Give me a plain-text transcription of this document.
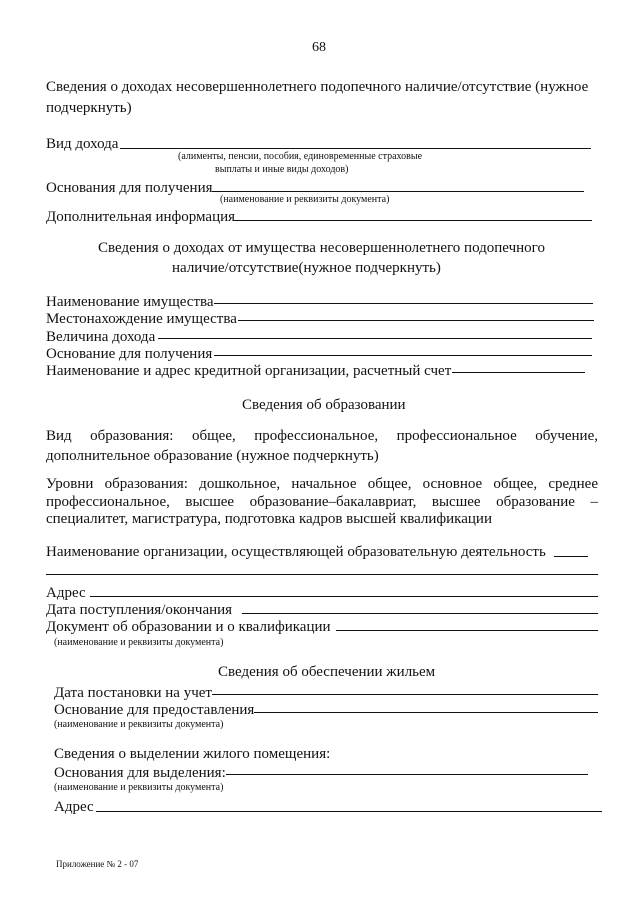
68
Сведения о доходах несовершеннолетнего подопечного наличие/отсутствие (нужное
подчеркнуть)
Вид дохода
(алименты, пенсии, пособия, единовременные страховые
выплаты и иные виды доходов)
Основания для получения
(наименование и реквизиты документа)
Дополнительная информация
Сведения о доходах от имущества несовершеннолетнего подопечного
наличие/отсутствие(нужное подчеркнуть)
Наименование имущества
Местонахождение имущества
Величина дохода
Основание для получения
Наименование и адрес кредитной организации, расчетный счет
Сведения об образовании
Вид образования: общее, профессиональное, профессиональное обучение,
дополнительное образование (нужное подчеркнуть)
Уровни образования: дошкольное, начальное общее, основное общее, среднее
профессиональное, высшее образование–бакалавриат, высшее образование –
специалитет, магистратура, подготовка кадров высшей квалификации
Наименование организации, осуществляющей образовательную деятельность
Адрес
Дата поступления/окончания
Документ об образовании и о квалификации
(наименование и реквизиты документа)
Сведения об обеспечении жильем
Дата постановки на учет
Основание для предоставления
(наименование и реквизиты документа)
Сведения о выделении жилого помещения:
Основания для выделения:
(наименование и реквизиты документа)
Адрес
Приложение № 2 - 07
